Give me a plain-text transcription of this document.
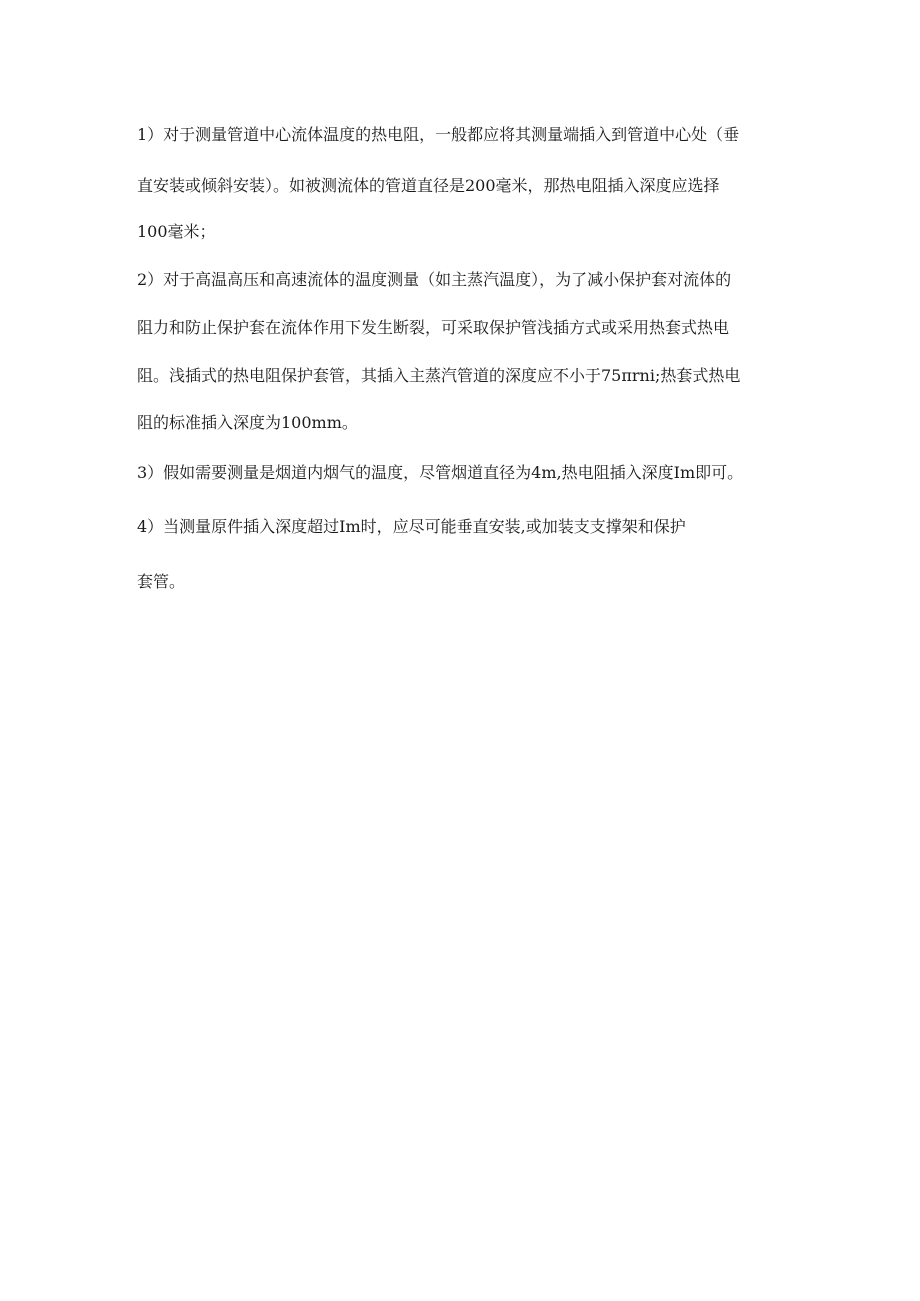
1）对于测量管道中心流体温度的热电阻，一般都应将其测量端插入到管道中心处（垂
直安装或倾斜安装）。如被测流体的管道直径是200毫米，那热电阻插入深度应选择
100毫米；
2）对于高温高压和高速流体的温度测量（如主蒸汽温度），为了减小保护套对流体的
阻力和防止保护套在流体作用下发生断裂，可采取保护管浅插方式或采用热套式热电
阻。浅插式的热电阻保护套管，其插入主蒸汽管道的深度应不小于75πrni;热套式热电
阻的标准插入深度为100mm。
3）假如需要测量是烟道内烟气的温度，尽管烟道直径为4m,热电阻插入深度Im即可。
4）当测量原件插入深度超过Im时，应尽可能垂直安装,或加装支支撑架和保护
套管。
